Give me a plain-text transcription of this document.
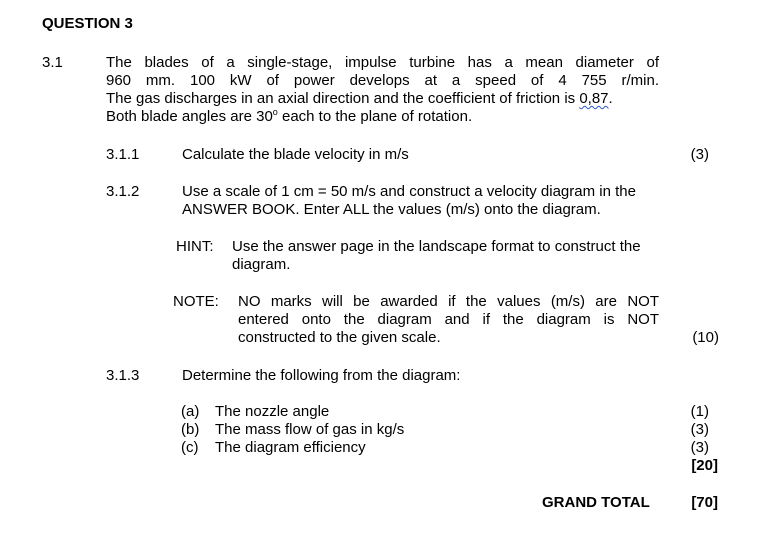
QUESTION 3
3.1	The blades of a single-stage, impulse turbine has a mean diameter of
960 mm. 100 kW of power develops at a speed of 4 755 r/min.
The gas discharges in an axial direction and the coefficient of friction is 0,87.
Both blade angles are 30$^o$ each to the plane of rotation.
3.1.1	Calculate the blade velocity in m/s	(3)
3.1.2	Use a scale of 1 cm = 50 m/s and construct a velocity diagram in the
ANSWER BOOK. Enter ALL the values (m/s) onto the diagram.
HINT: Use the answer page in the landscape format to construct the
diagram.
NOTE: NO marks will be awarded if the values (m/s) are NOT
entered onto the diagram and if the diagram is NOT
constructed to the given scale.	(10)
3.1.3	Determine the following from the diagram:
(a) The nozzle angle	(1)
(b) The mass flow of gas in kg/s	(3)
(c) The diagram efficiency	(3)
[20]
GRAND TOTAL	[70]
